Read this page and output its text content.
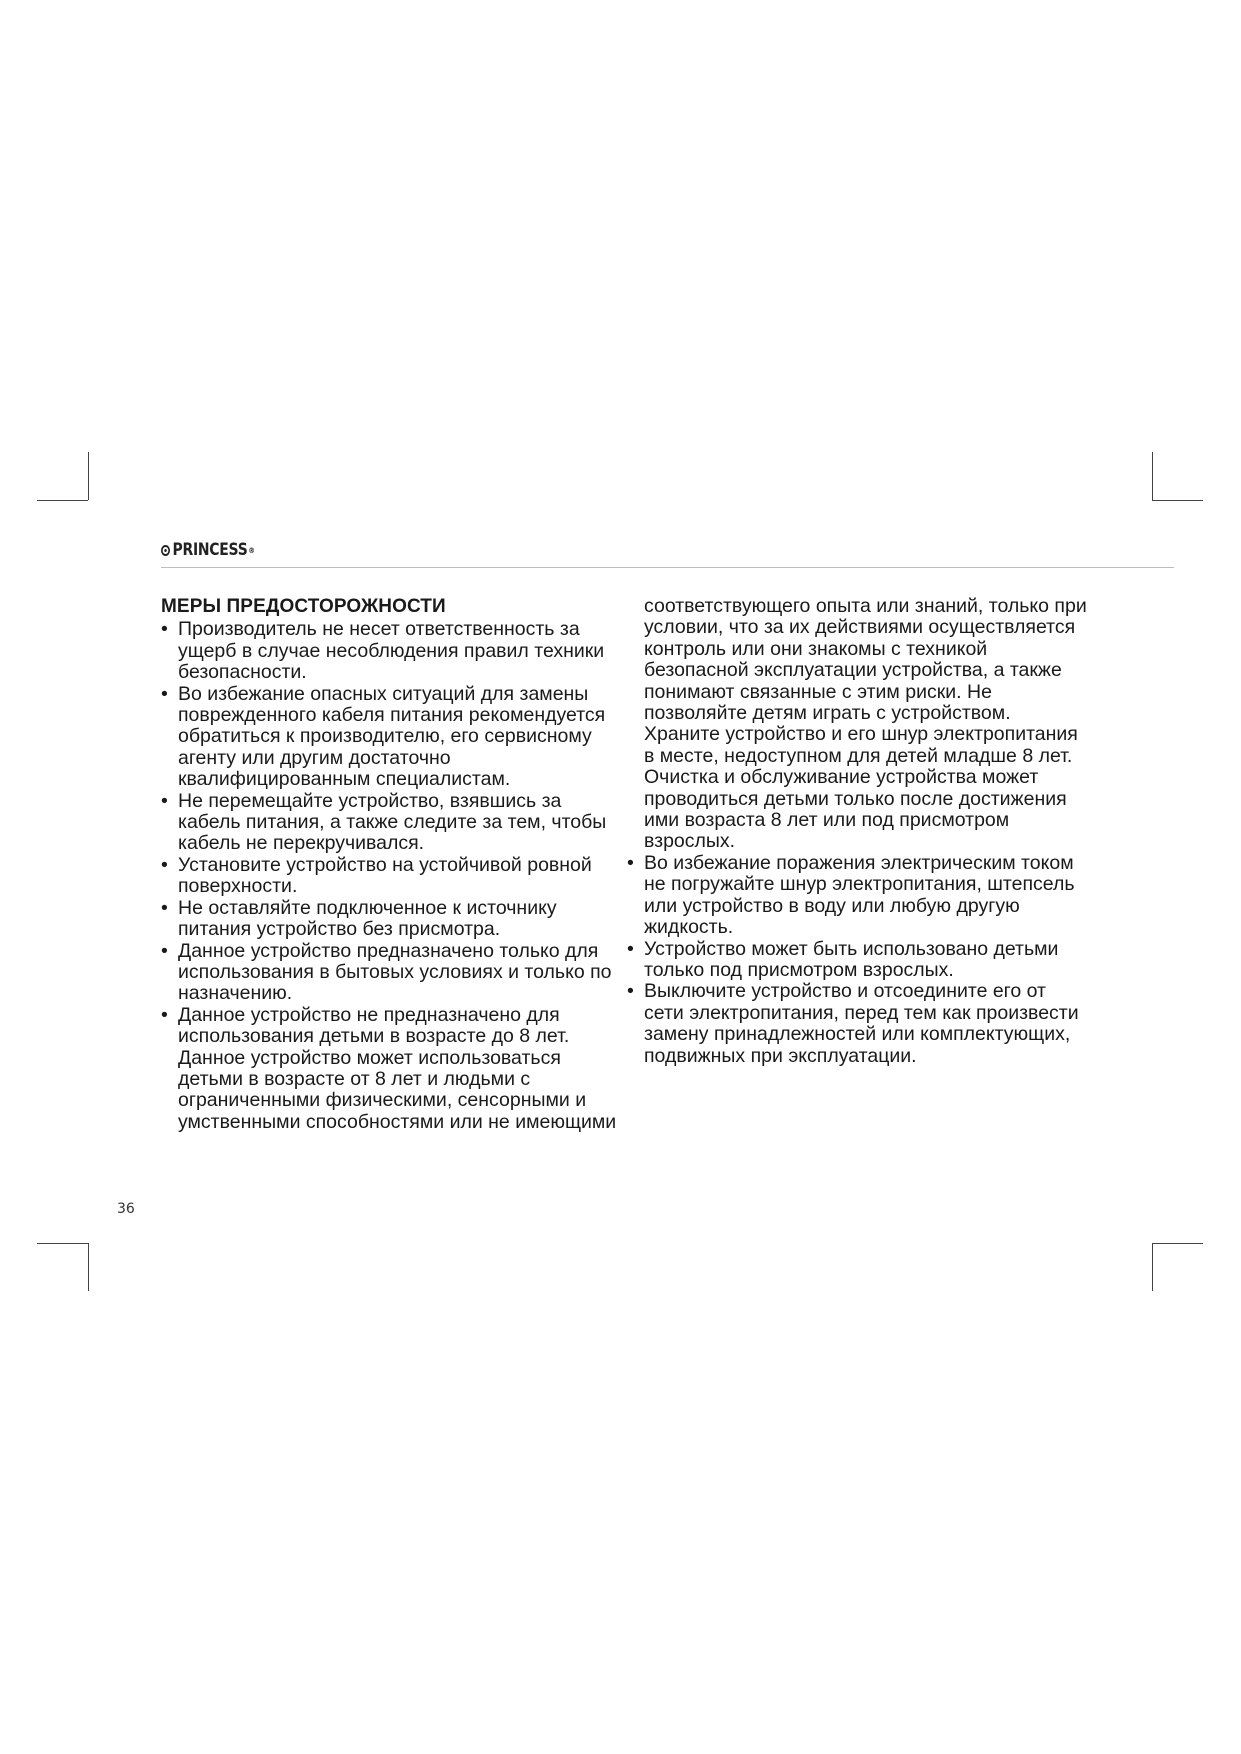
PRINCESS ®
МЕРЫ ПРЕДОСТОРОЖНОСТИ
• Производитель не несет ответственность за ущерб в случае несоблюдения правил техники безопасности.
• Во избежание опасных ситуаций для замены поврежденного кабеля питания рекомендуется обратиться к производителю, его сервисному агенту или другим достаточно квалифицированным специалистам.
• Не перемещайте устройство, взявшись за кабель питания, а также следите за тем, чтобы кабель не перекручивался.
• Установите устройство на устойчивой ровной поверхности.
• Не оставляйте подключенное к источнику питания устройство без присмотра.
• Данное устройство предназначено только для использования в бытовых условиях и только по назначению.
• Данное устройство не предназначено для использования детьми в возрасте до 8 лет. Данное устройство может использоваться детьми в возрасте от 8 лет и людьми с ограниченными физическими, сенсорными и умственными способностями или не имеющими

соответствующего опыта или знаний, только при условии, что за их действиями осуществляется контроль или они знакомы с техникой безопасной эксплуатации устройства, а также понимают связанные с этим риски. Не позволяйте детям играть с устройством. Храните устройство и его шнур электропитания в месте, недоступном для детей младше 8 лет. Очистка и обслуживание устройства может проводиться детьми только после достижения ими возраста 8 лет или под присмотром взрослых.

• Во избежание поражения электрическим током не погружайте шнур электропитания, штепсель или устройство в воду или любую другую жидкость.
• Устройство может быть использовано детьми только под присмотром взрослых.
• Выключите устройство и отсоедините его от сети электропитания, перед тем как произвести замену принадлежностей или комплектующих, подвижных при эксплуатации.
36
